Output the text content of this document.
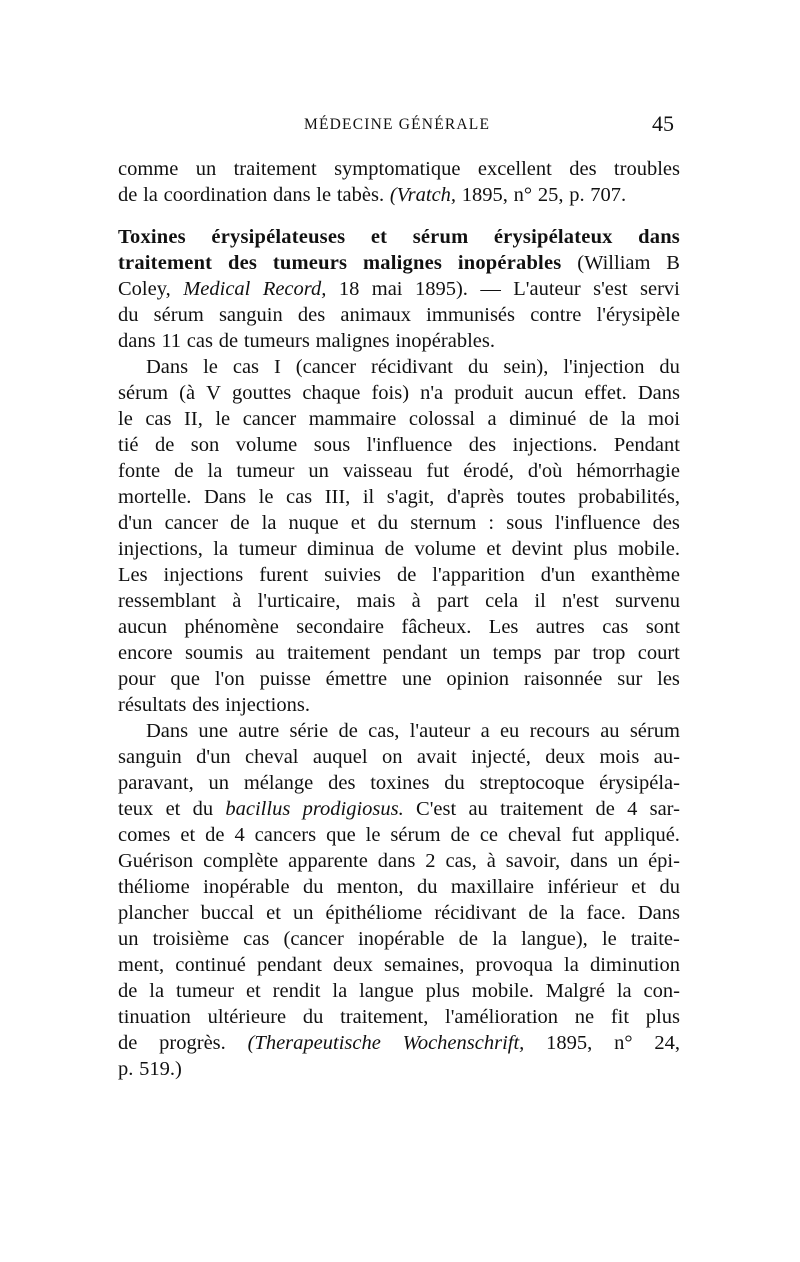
MÉDECINE GÉNÉRALE	45
comme un traitement symptomatique excellent des troubles
de la coordination dans le tabès. (Vratch, 1895, n° 25, p. 707.
Toxines érysipélateuses et sérum érysipélateux dans
traitement des tumeurs malignes inopérables (William B
Coley, Medical Record, 18 mai 1895). — L'auteur s'est servi
du sérum sanguin des animaux immunisés contre l'érysipèle
dans 11 cas de tumeurs malignes inopérables.
Dans le cas I (cancer récidivant du sein), l'injection du
sérum (à V gouttes chaque fois) n'a produit aucun effet. Dans
le cas II, le cancer mammaire colossal a diminué de la moi
tié de son volume sous l'influence des injections. Pendant
fonte de la tumeur un vaisseau fut érodé, d'où hémorrhagie
mortelle. Dans le cas III, il s'agit, d'après toutes probabilités,
d'un cancer de la nuque et du sternum : sous l'influence des
injections, la tumeur diminua de volume et devint plus mobile.
Les injections furent suivies de l'apparition d'un exanthème
ressemblant à l'urticaire, mais à part cela il n'est survenu
aucun phénomène secondaire fâcheux. Les autres cas sont
encore soumis au traitement pendant un temps par trop court
pour que l'on puisse émettre une opinion raisonnée sur les
résultats des injections.
Dans une autre série de cas, l'auteur a eu recours au sérum
sanguin d'un cheval auquel on avait injecté, deux mois au-
paravant, un mélange des toxines du streptocoque érysipéla-
teux et du bacillus prodigiosus. C'est au traitement de 4 sar-
comes et de 4 cancers que le sérum de ce cheval fut appliqué.
Guérison complète apparente dans 2 cas, à savoir, dans un épi-
théliome inopérable du menton, du maxillaire inférieur et du
plancher buccal et un épithéliome récidivant de la face. Dans
un troisième cas (cancer inopérable de la langue), le traite-
ment, continué pendant deux semaines, provoqua la diminution
de la tumeur et rendit la langue plus mobile. Malgré la con-
tinuation ultérieure du traitement, l'amélioration ne fit plus
de progrès. (Therapeutische Wochenschrift, 1895, n° 24,
p. 519.)
